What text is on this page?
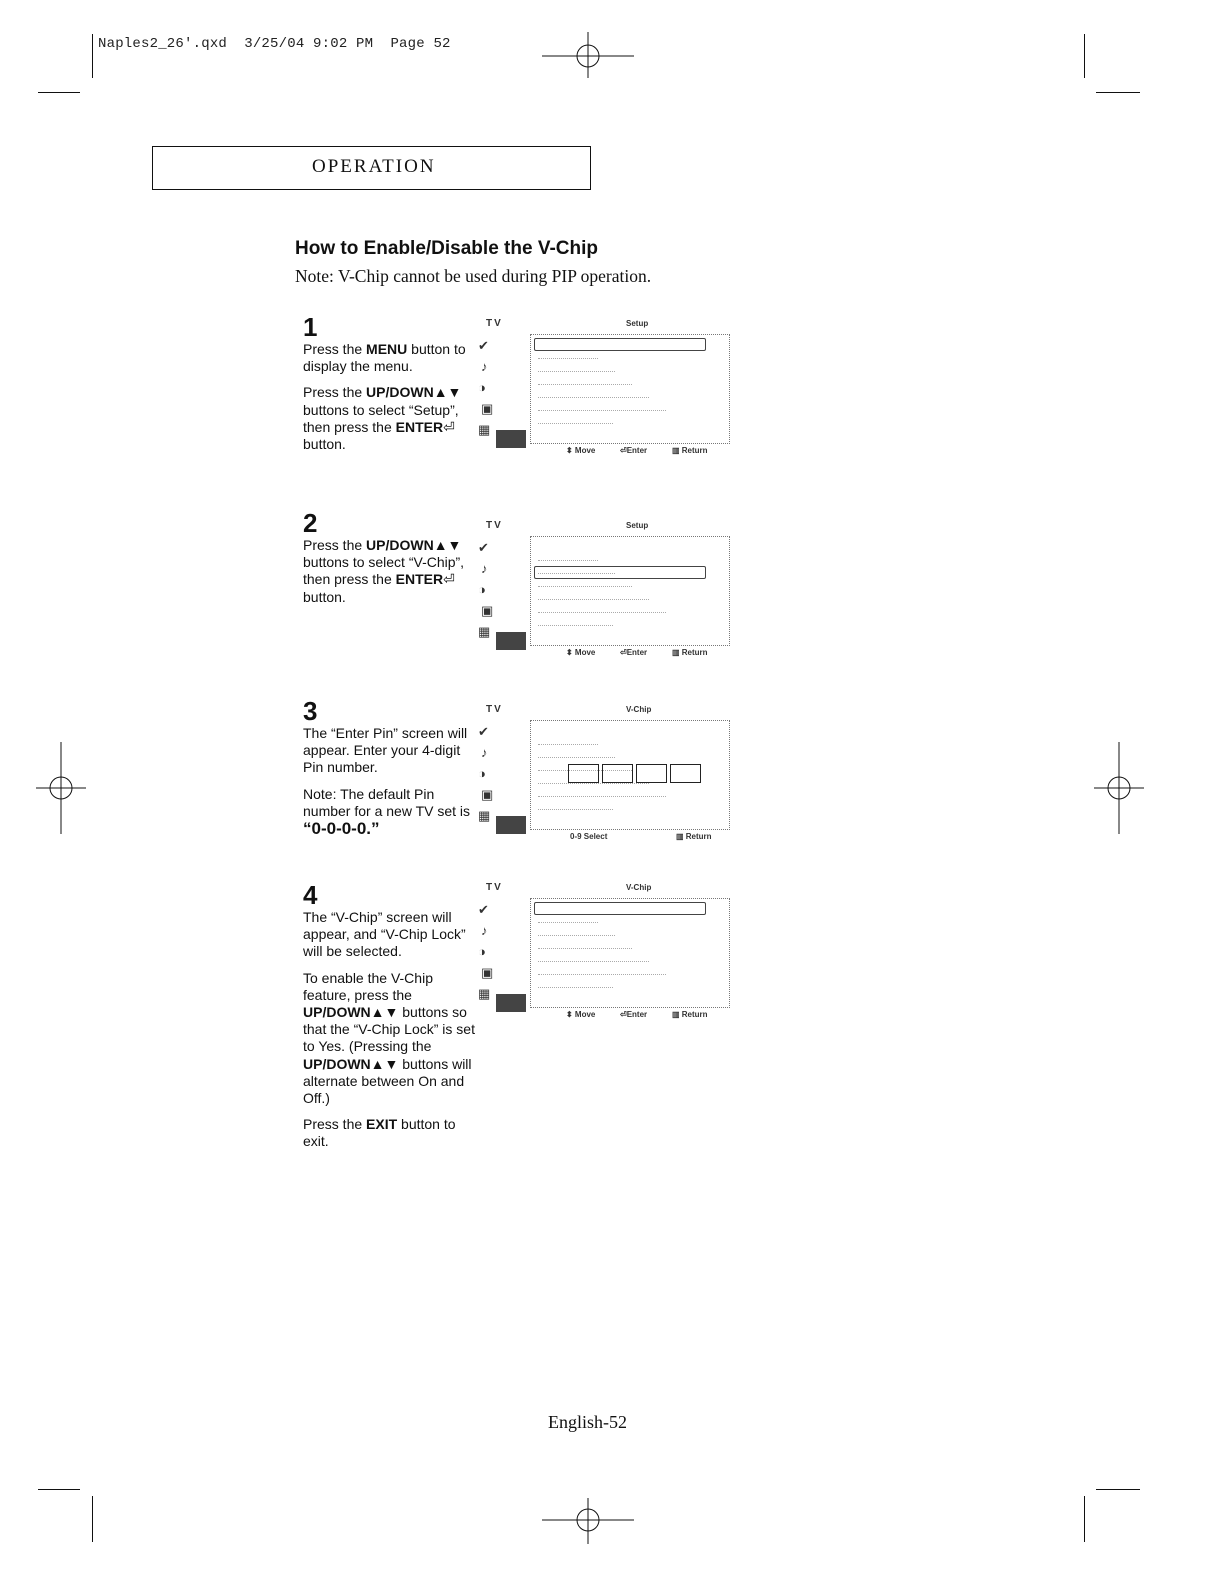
Naples2_26'.qxd  3/25/04 9:02 PM  Page 52
OPERATION
How to Enable/Disable the V-Chip
Note: V-Chip cannot be used during PIP operation.
1

Press the MENU button to display the menu.

Press the UP/DOWN▲▼ buttons to select “Setup”, then press the ENTER⏎ button.

TV	Setup
✔
♪
◑
▣
▦
⬍ Move	⏎Enter	▥ Return
2

Press the UP/DOWN▲▼ buttons to select “V-Chip”, then press the ENTER⏎ button.

TV	Setup
✔
♪
◑
▣
▦
⬍ Move	⏎Enter	▥ Return
3

The “Enter Pin” screen will appear. Enter your 4-digit Pin number.

Note: The default Pin number for a new TV set is “0-0-0-0.”

TV	V-Chip
✔
♪
◑
▣
▦
0-9 Select	▥ Return
4

The “V-Chip” screen will appear, and “V-Chip Lock” will be selected.

To enable the V-Chip feature, press the UP/DOWN▲▼ buttons so that the “V-Chip Lock” is set to Yes. (Pressing the UP/DOWN▲▼ buttons will alternate between On and Off.)

Press the EXIT button to exit.

TV	V-Chip
✔
♪
◑
▣
▦
⬍ Move	⏎Enter	▥ Return
English-52
